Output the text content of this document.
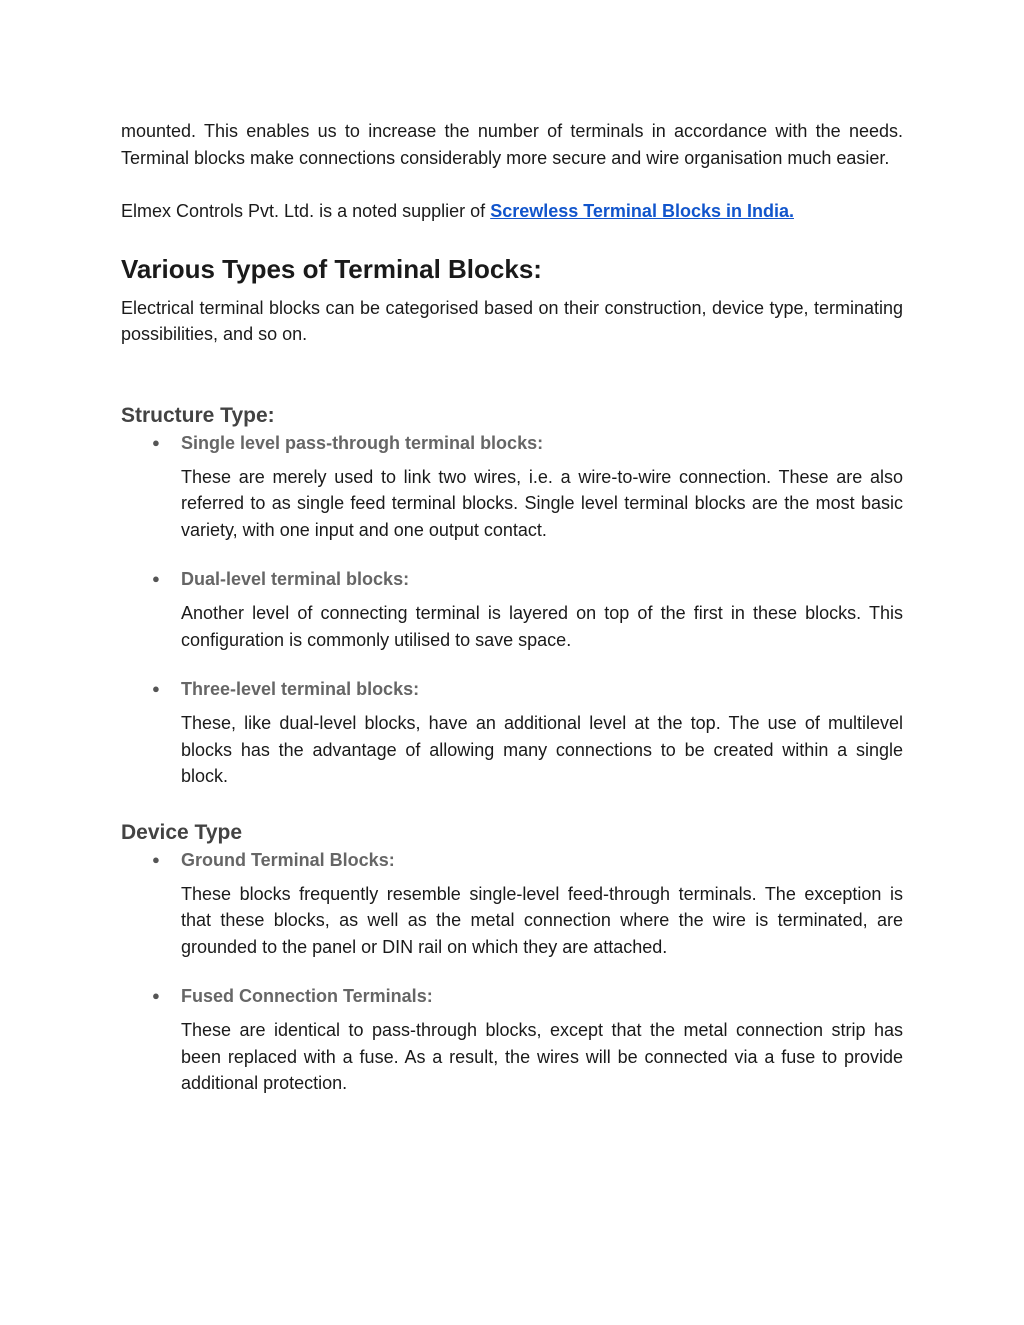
mounted. This enables us to increase the number of terminals in accordance with the needs. Terminal blocks make connections considerably more secure and wire organisation much easier.

Elmex Controls Pvt. Ltd. is a noted supplier of Screwless Terminal Blocks in India.

Various Types of Terminal Blocks:

Electrical terminal blocks can be categorised based on their construction, device type, terminating possibilities, and so on.

Structure Type:
● Single level pass-through terminal blocks:

These are merely used to link two wires, i.e. a wire-to-wire connection. These are also referred to as single feed terminal blocks. Single level terminal blocks are the most basic variety, with one input and one output contact.

● Dual-level terminal blocks:

Another level of connecting terminal is layered on top of the first in these blocks. This configuration is commonly utilised to save space.

● Three-level terminal blocks:

These, like dual-level blocks, have an additional level at the top. The use of multilevel blocks has the advantage of allowing many connections to be created within a single block.

Device Type
● Ground Terminal Blocks:

These blocks frequently resemble single-level feed-through terminals. The exception is that these blocks, as well as the metal connection where the wire is terminated, are grounded to the panel or DIN rail on which they are attached.

● Fused Connection Terminals:

These are identical to pass-through blocks, except that the metal connection strip has been replaced with a fuse. As a result, the wires will be connected via a fuse to provide additional protection.
